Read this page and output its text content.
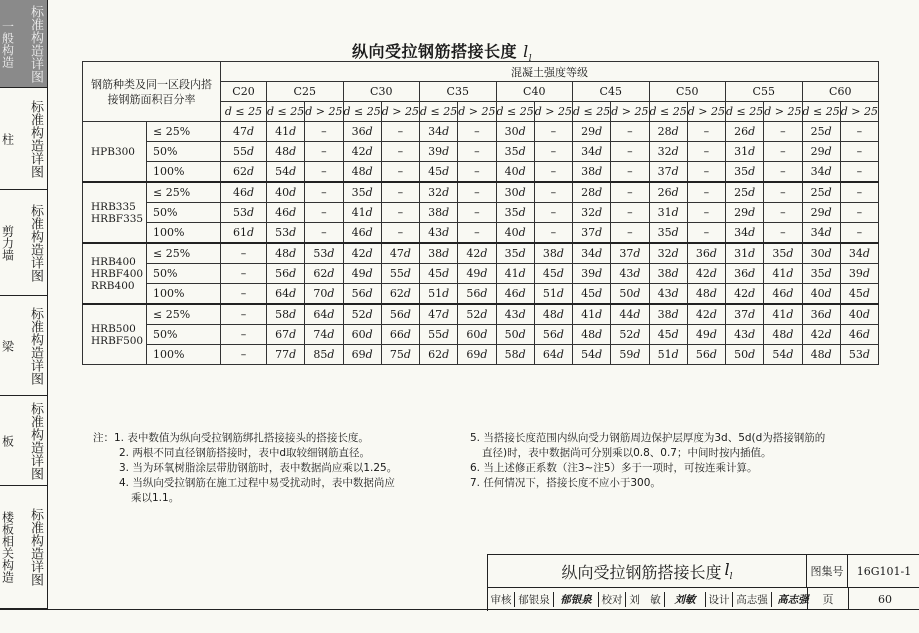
一般构造 标准构造详图
柱 标准构造详图
剪力墙 标准构造详图
梁 标准构造详图
板 标准构造详图
楼板相关构造 标准构造详图
纵向受拉钢筋搭接长度 $l_l$
钢筋种类及同一区段内搭接钢筋面积百分率		混凝土强度等级																
		C20	C25		C30		C35		C40		C45		C50		C55		C60	
		d ≤ 25	d ≤ 25	d > 25	d ≤ 25	d > 25	d ≤ 25	d > 25	d ≤ 25	d > 25	d ≤ 25	d > 25	d ≤ 25	d > 25	d ≤ 25	d > 25	d ≤ 25	d > 25
HPB300	≤ 25%	47d	41d	–	36d	–	34d	–	30d	–	29d	–	28d	–	26d	–	25d	–
	50%	55d	48d	–	42d	–	39d	–	35d	–	34d	–	32d	–	31d	–	29d	–
	100%	62d	54d	–	48d	–	45d	–	40d	–	38d	–	37d	–	35d	–	34d	–
HRB335
HRBF335	≤ 25%	46d	40d	–	35d	–	32d	–	30d	–	28d	–	26d	–	25d	–	25d	–
	50%	53d	46d	–	41d	–	38d	–	35d	–	32d	–	31d	–	29d	–	29d	–
	100%	61d	53d	–	46d	–	43d	–	40d	–	37d	–	35d	–	34d	–	34d	–
HRB400
HRBF400
RRB400	≤ 25%	–	48d	53d	42d	47d	38d	42d	35d	38d	34d	37d	32d	36d	31d	35d	30d	34d
	50%	–	56d	62d	49d	55d	45d	49d	41d	45d	39d	43d	38d	42d	36d	41d	35d	39d
	100%	–	64d	70d	56d	62d	51d	56d	46d	51d	45d	50d	43d	48d	42d	46d	40d	45d
HRB500
HRBF500	≤ 25%	–	58d	64d	52d	56d	47d	52d	43d	48d	41d	44d	38d	42d	37d	41d	36d	40d
	50%	–	67d	74d	60d	66d	55d	60d	50d	56d	48d	52d	45d	49d	43d	48d	42d	46d
	100%	–	77d	85d	69d	75d	62d	69d	58d	64d	54d	59d	51d	56d	50d	54d	48d	53d

注：1. 表中数值为纵向受拉钢筋绑扎搭接接头的搭接长度。

2. 两根不同直径钢筋搭接时，表中d取较细钢筋直径。

3. 当为环氧树脂涂层带肋钢筋时，表中数据尚应乘以1.25。

4. 当纵向受拉钢筋在施工过程中易受扰动时，表中数据尚应

乘以1.1。

5. 当搭接长度范围内纵向受力钢筋周边保护层厚度为3d、5d(d为搭接钢筋的

直径)时，表中数据尚可分别乘以0.8、0.7；中间时按内插值。

6. 当上述修正系数（注3~注5）多于一项时，可按连乘计算。

7. 任何情况下，搭接长度不应小于300。

纵向受拉钢筋搭接长度 $l_l$	图集号	16G101-1
审核 郁银泉	郁银泉 校对 刘　敏	刘敏	设计 高志强 高志强	页	60
